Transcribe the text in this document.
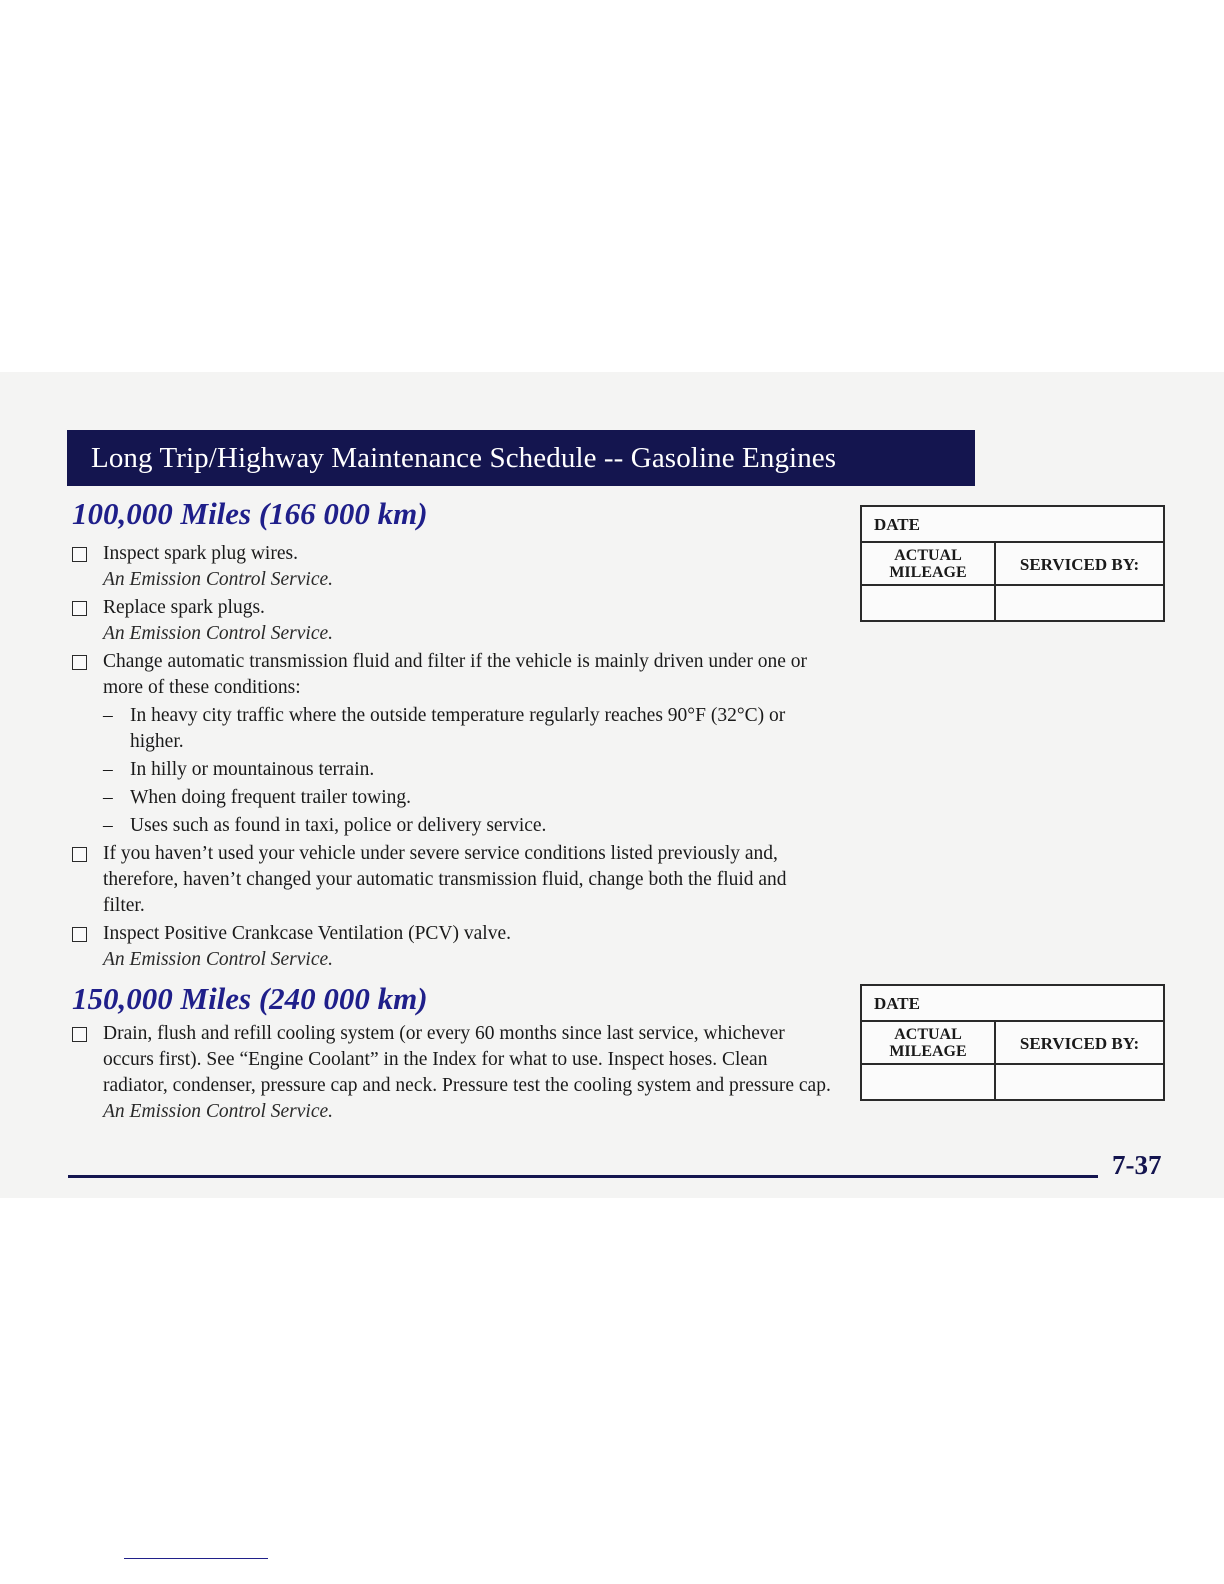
Long Trip/Highway Maintenance Schedule -- Gasoline Engines
100,000 Miles (166 000 km)
Inspect spark plug wires.
An Emission Control Service.
Replace spark plugs.
An Emission Control Service.
Change automatic transmission fluid and filter if the vehicle is mainly driven under one or more of these conditions:
– In heavy city traffic where the outside temperature regularly reaches 90°F (32°C) or higher.
– In hilly or mountainous terrain.
– When doing frequent trailer towing.
– Uses such as found in taxi, police or delivery service.
If you haven’t used your vehicle under severe service conditions listed previously and, therefore, haven’t changed your automatic transmission fluid, change both the fluid and filter.
Inspect Positive Crankcase Ventilation (PCV) valve.
An Emission Control Service.
DATE
ACTUAL
MILEAGE	SERVICED BY:
150,000 Miles (240 000 km)
Drain, flush and refill cooling system (or every 60 months since last service, whichever occurs first). See “Engine Coolant” in the Index for what to use. Inspect hoses. Clean radiator, condenser, pressure cap and neck. Pressure test the cooling system and pressure cap.
An Emission Control Service.
DATE
ACTUAL
MILEAGE	SERVICED BY:
7-37
